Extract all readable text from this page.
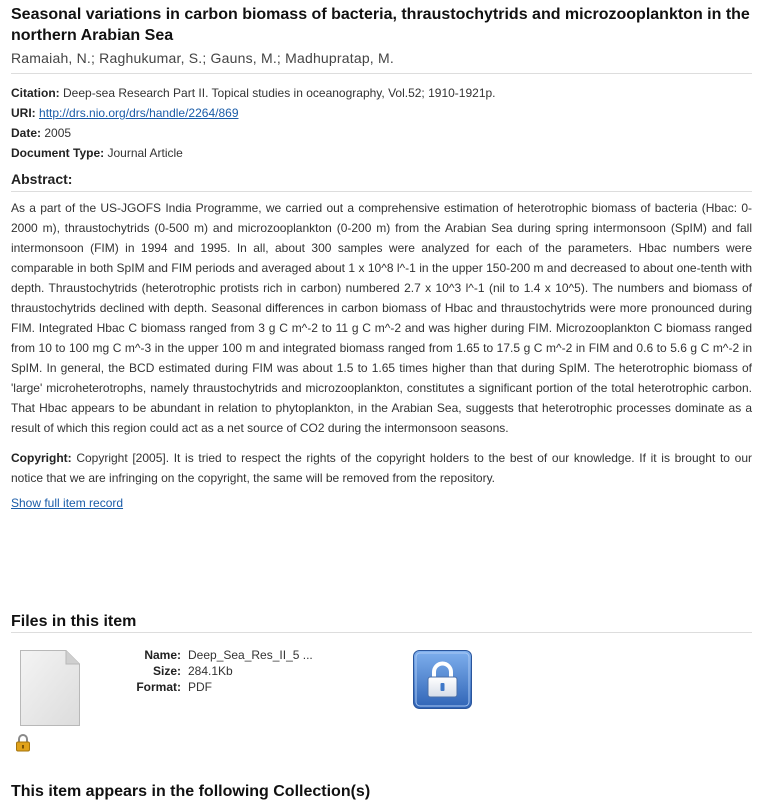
Seasonal variations in carbon biomass of bacteria, thraustochytrids and microzooplankton in the northern Arabian Sea
Ramaiah, N.; Raghukumar, S.; Gauns, M.; Madhupratap, M.
Citation: Deep-sea Research Part II. Topical studies in oceanography, Vol.52; 1910-1921p.
URI: http://drs.nio.org/drs/handle/2264/869
Date: 2005
Document Type: Journal Article
Abstract:
As a part of the US-JGOFS India Programme, we carried out a comprehensive estimation of heterotrophic biomass of bacteria (Hbac: 0-2000 m), thraustochytrids (0-500 m) and microzooplankton (0-200 m) from the Arabian Sea during spring intermonsoon (SpIM) and fall intermonsoon (FIM) in 1994 and 1995. In all, about 300 samples were analyzed for each of the parameters. Hbac numbers were comparable in both SpIM and FIM periods and averaged about 1 x 10^8 l^-1 in the upper 150-200 m and decreased to about one-tenth with depth. Thraustochytrids (heterotrophic protists rich in carbon) numbered 2.7 x 10^3 l^-1 (nil to 1.4 x 10^5). The numbers and biomass of thraustochytrids declined with depth. Seasonal differences in carbon biomass of Hbac and thraustochytrids were more pronounced during FIM. Integrated Hbac C biomass ranged from 3 g C m^-2 to 11 g C m^-2 and was higher during FIM. Microzooplankton C biomass ranged from 10 to 100 mg C m^-3 in the upper 100 m and integrated biomass ranged from 1.65 to 17.5 g C m^-2 in FIM and 0.6 to 5.6 g C m^-2 in SpIM. In general, the BCD estimated during FIM was about 1.5 to 1.65 times higher than that during SpIM. The heterotrophic biomass of 'large' microheterotrophs, namely thraustochytrids and microzooplankton, constitutes a significant portion of the total heterotrophic carbon. That Hbac appears to be abundant in relation to phytoplankton, in the Arabian Sea, suggests that heterotrophic processes dominate as a result of which this region could act as a net source of CO2 during the intermonsoon seasons.
Copyright: Copyright [2005]. It is tried to respect the rights of the copyright holders to the best of our knowledge. If it is brought to our notice that we are infringing on the copyright, the same will be removed from the repository.
Show full item record
Files in this item
Name: Deep_Sea_Res_II_5 ...
Size: 284.1Kb
Format: PDF
This item appears in the following Collection(s)
